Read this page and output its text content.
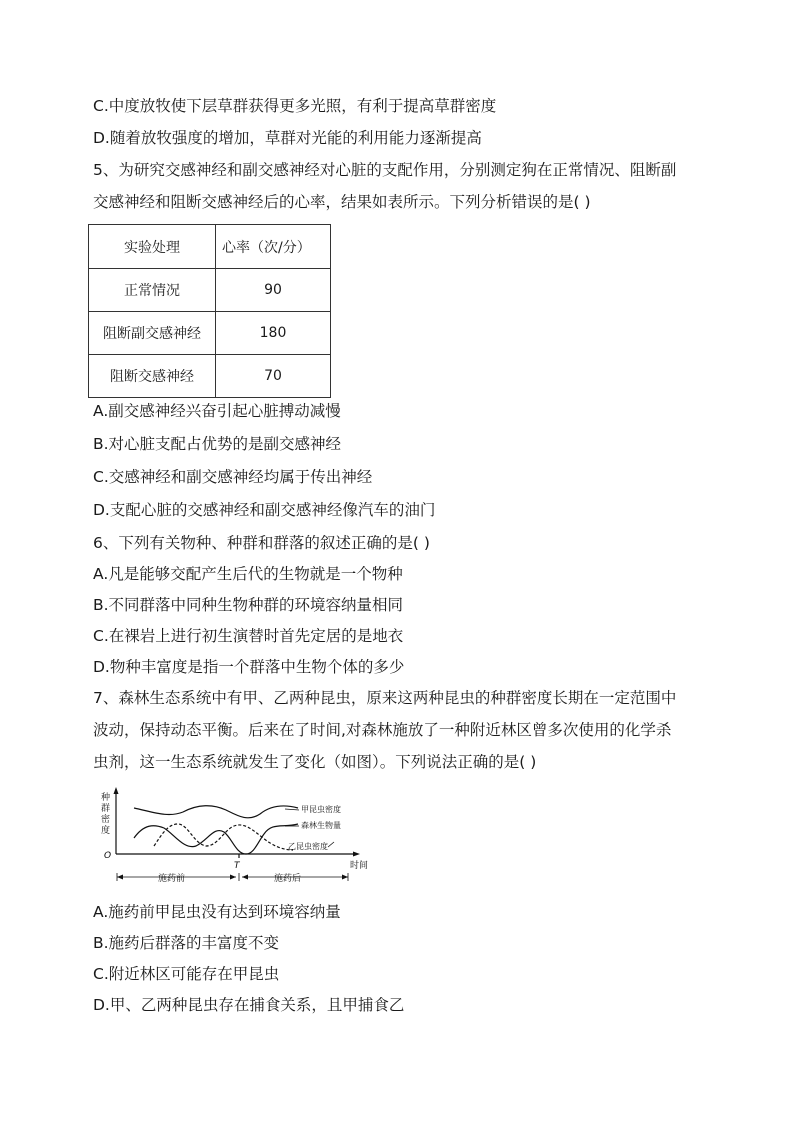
C.中度放牧使下层草群获得更多光照，有利于提高草群密度
D.随着放牧强度的增加，草群对光能的利用能力逐渐提高
5、为研究交感神经和副交感神经对心脏的支配作用，分别测定狗在正常情况、阻断副
交感神经和阻断交感神经后的心率，结果如表所示。下列分析错误的是( )
实验处理	心率（次/分）
正常情况	90
阻断副交感神经	180
阻断交感神经	70
A.副交感神经兴奋引起心脏搏动减慢
B.对心脏支配占优势的是副交感神经
C.交感神经和副交感神经均属于传出神经
D.支配心脏的交感神经和副交感神经像汽车的油门
6、下列有关物种、种群和群落的叙述正确的是( )
A.凡是能够交配产生后代的生物就是一个物种
B.不同群落中同种生物种群的环境容纳量相同
C.在裸岩上进行初生演替时首先定居的是地衣
D.物种丰富度是指一个群落中生物个体的多少
7、森林生态系统中有甲、乙两种昆虫，原来这两种昆虫的种群密度长期在一定范围中
波动，保持动态平衡。后来在了时间,对森林施放了一种附近林区曾多次使用的化学杀
虫剂，这一生态系统就发生了变化（如图）。下列说法正确的是( )
种
群
密
度
O
时间
T
甲昆虫密度
森林生物量
乙昆虫密度
施药前	施药后
A.施药前甲昆虫没有达到环境容纳量
B.施药后群落的丰富度不变
C.附近林区可能存在甲昆虫
D.甲、乙两种昆虫存在捕食关系，且甲捕食乙
